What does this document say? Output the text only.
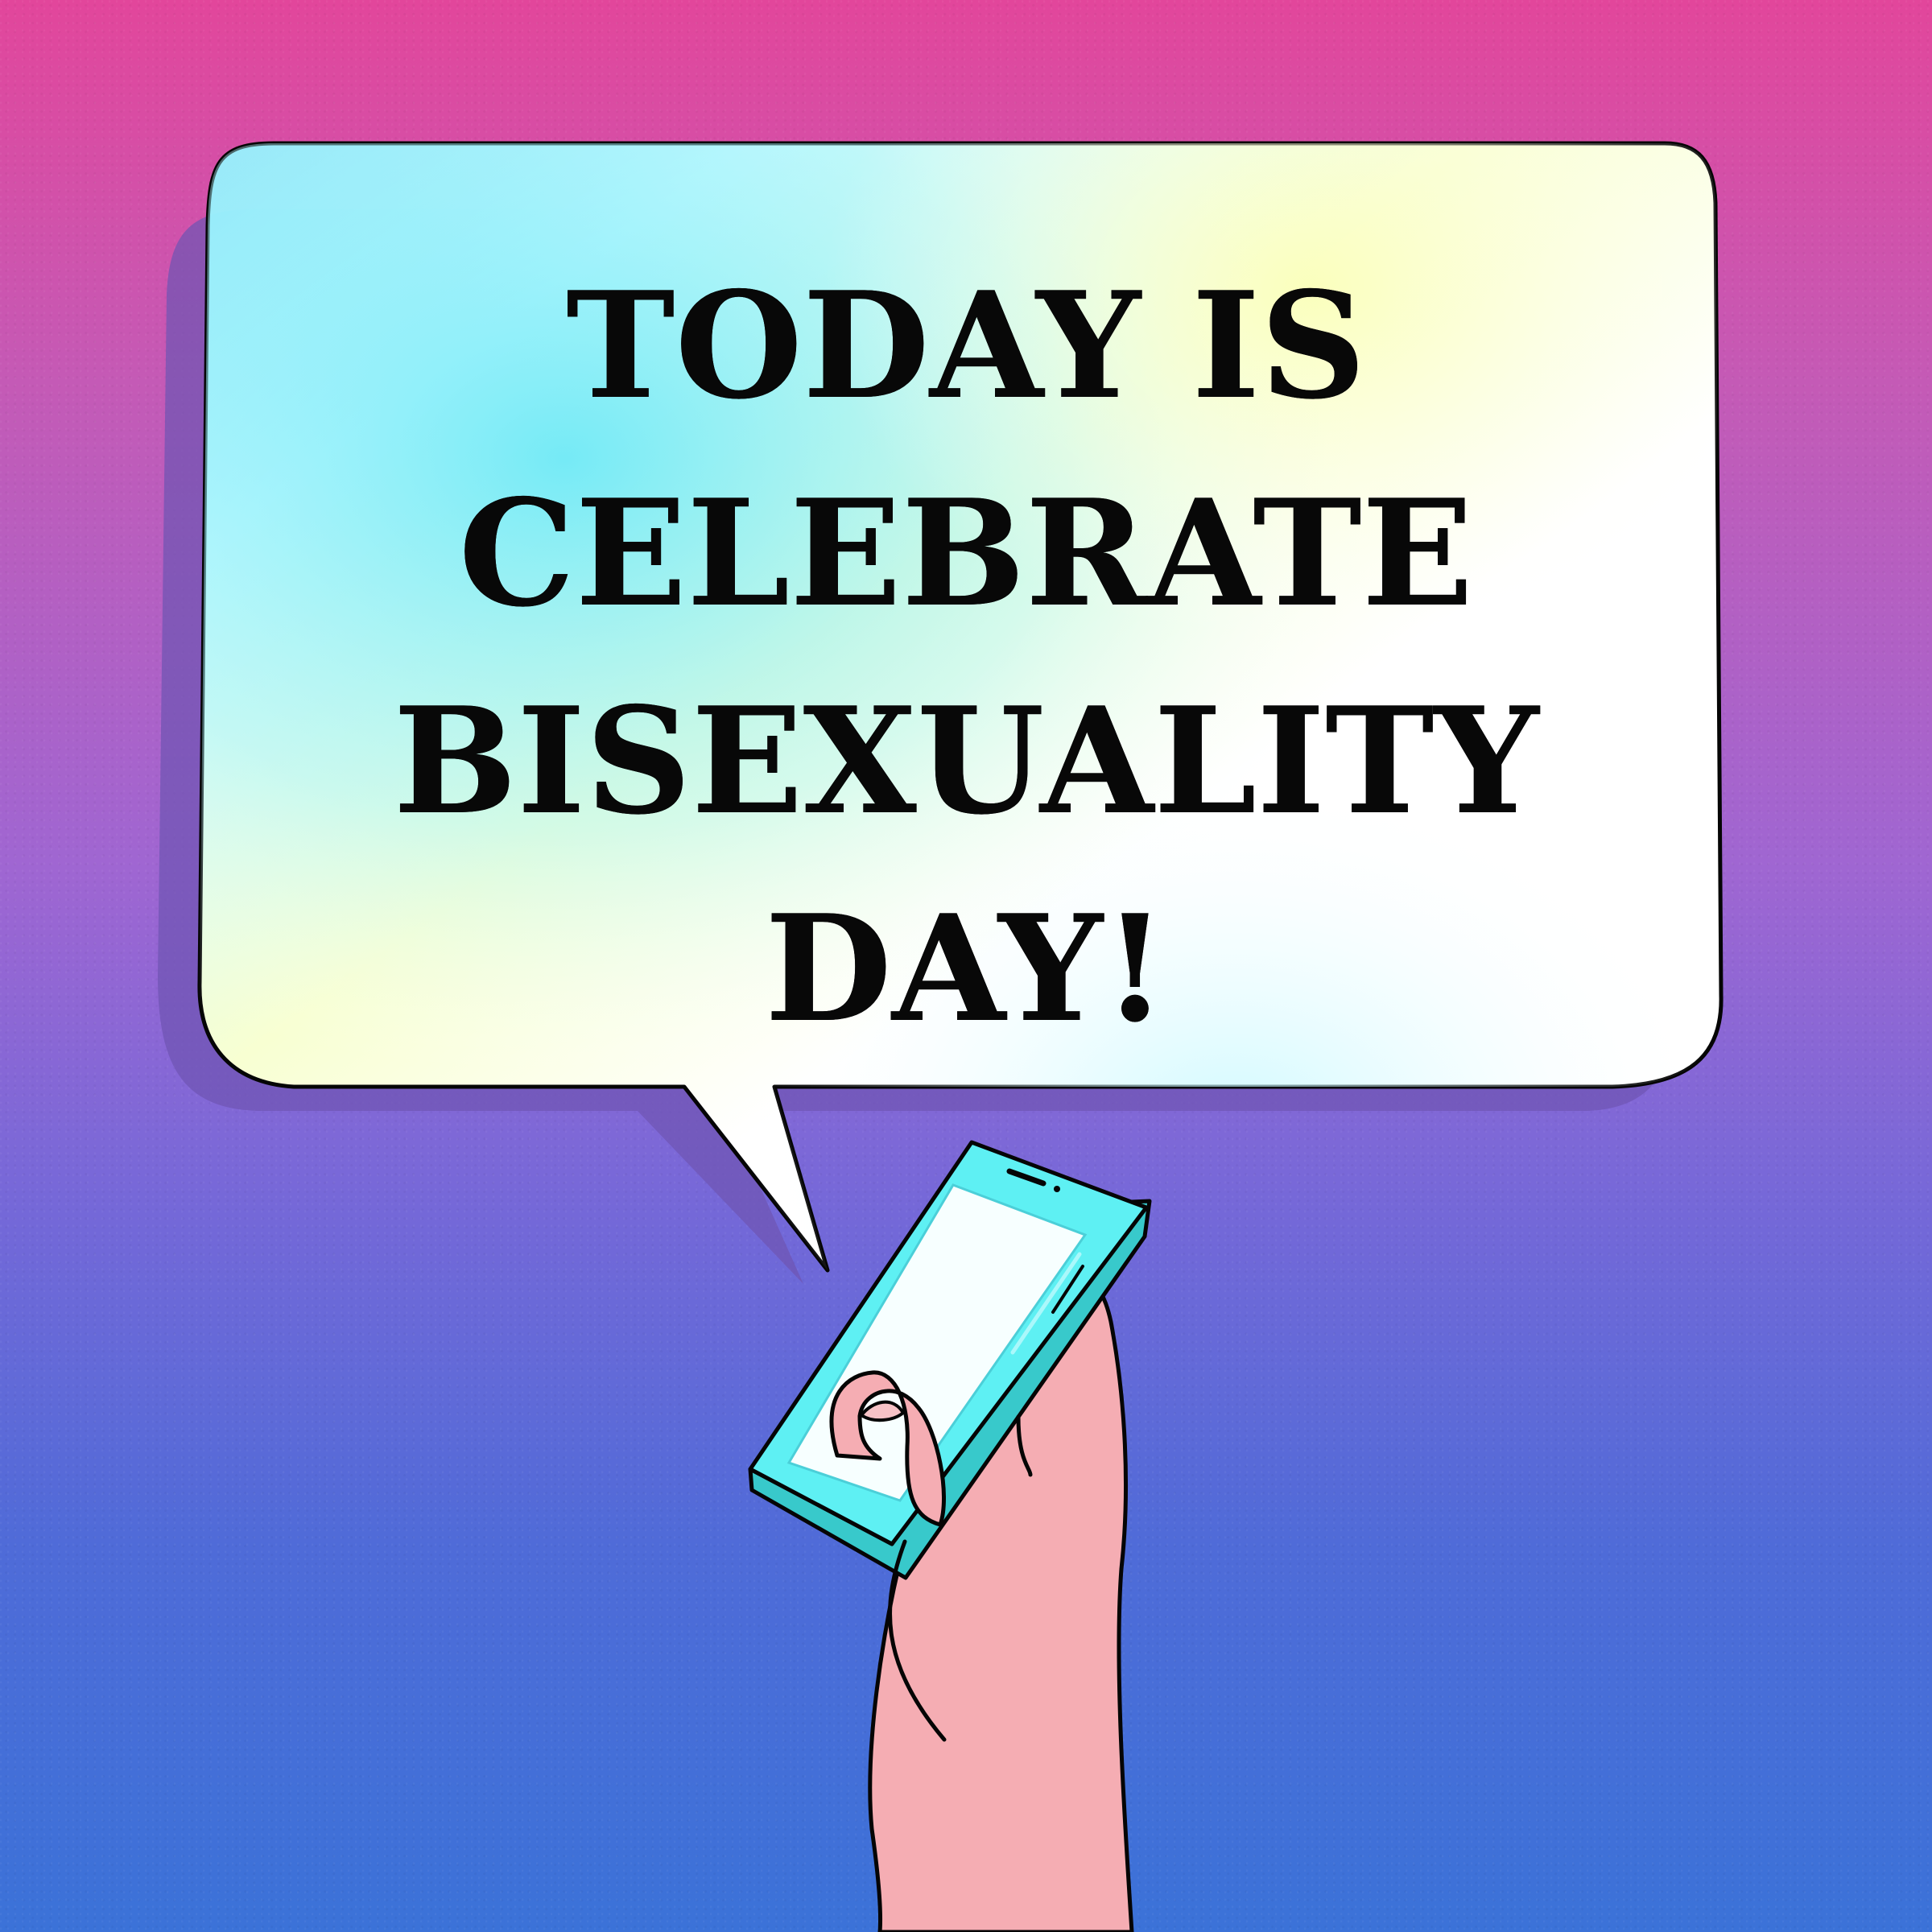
TODAY IS
CELEBRATE
BISEXUALITY
DAY!
